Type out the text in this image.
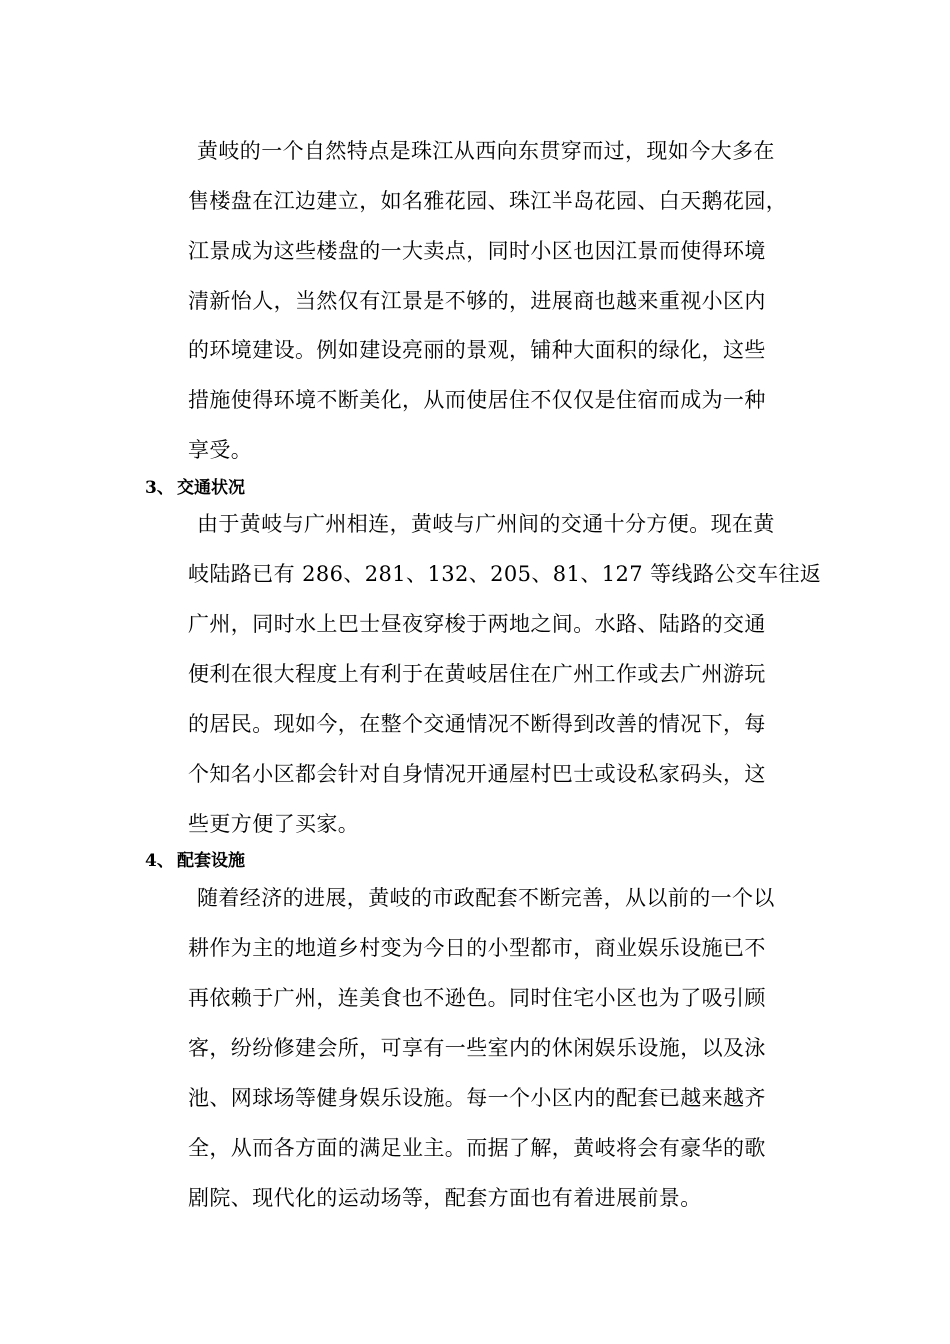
黄岐的一个自然特点是珠江从西向东贯穿而过，现如今大多在
售楼盘在江边建立，如名雅花园、珠江半岛花园、白天鹅花园，
江景成为这些楼盘的一大卖点，同时小区也因江景而使得环境
清新怡人，当然仅有江景是不够的，进展商也越来重视小区内
的环境建设。例如建设亮丽的景观，铺种大面积的绿化，这些
措施使得环境不断美化，从而使居住不仅仅是住宿而成为一种
享受。
3、 交通状况
由于黄岐与广州相连，黄岐与广州间的交通十分方便。现在黄
岐陆路已有 286、281、132、205、81、127 等线路公交车往返
广州，同时水上巴士昼夜穿梭于两地之间。水路、陆路的交通
便利在很大程度上有利于在黄岐居住在广州工作或去广州游玩
的居民。现如今，在整个交通情况不断得到改善的情况下，每
个知名小区都会针对自身情况开通屋村巴士或设私家码头，这
些更方便了买家。
4、 配套设施
随着经济的进展，黄岐的市政配套不断完善，从以前的一个以
耕作为主的地道乡村变为今日的小型都市，商业娱乐设施已不
再依赖于广州，连美食也不逊色。同时住宅小区也为了吸引顾
客，纷纷修建会所，可享有一些室内的休闲娱乐设施，以及泳
池、网球场等健身娱乐设施。每一个小区内的配套已越来越齐
全，从而各方面的满足业主。而据了解，黄岐将会有豪华的歌
剧院、现代化的运动场等，配套方面也有着进展前景。
